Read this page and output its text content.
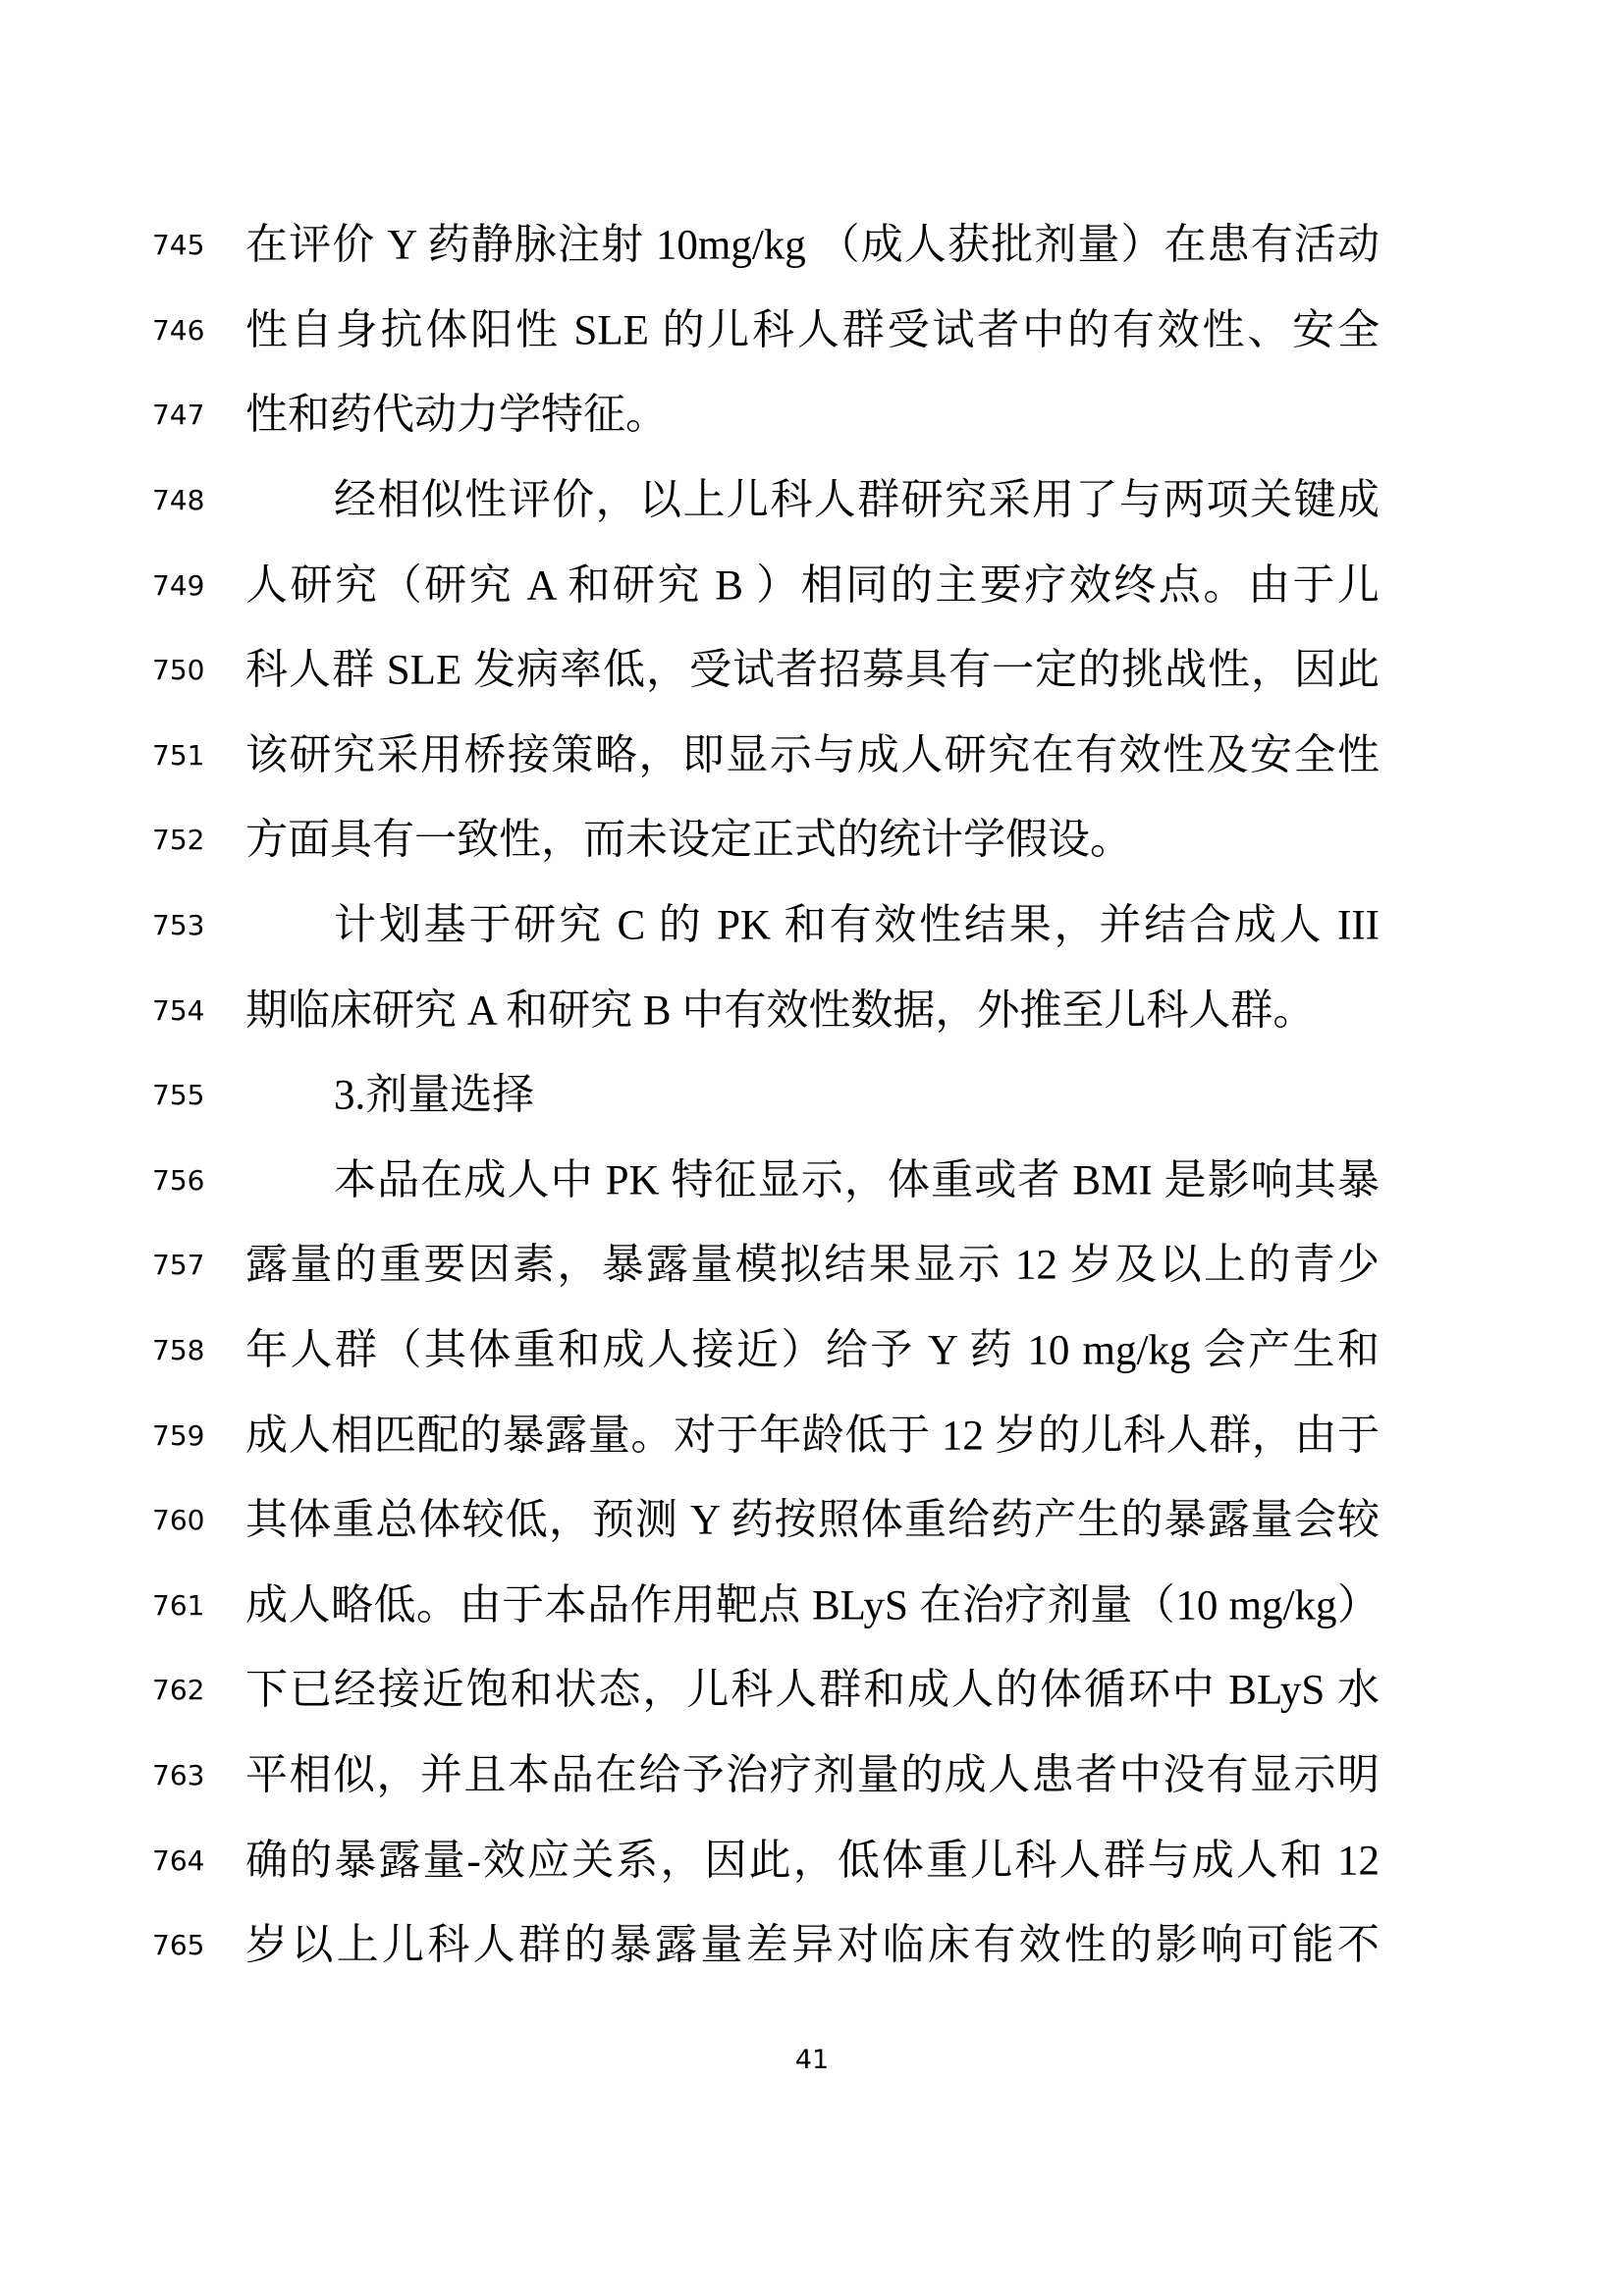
745 在评价 Y 药静脉注射 10mg/kg （成人获批剂量）在患有活动
746 性自身抗体阳性 SLE 的儿科人群受试者中的有效性、安全
747 性和药代动力学特征。
748	经相似性评价，以上儿科人群研究采用了与两项关键成
749 人研究（研究 A 和研究 B ）相同的主要疗效终点。由于儿
750 科人群 SLE 发病率低，受试者招募具有一定的挑战性，因此
751 该研究采用桥接策略，即显示与成人研究在有效性及安全性
752 方面具有一致性，而未设定正式的统计学假设。
753	计划基于研究 C 的 PK 和有效性结果，并结合成人 III
754 期临床研究 A 和研究 B 中有效性数据，外推至儿科人群。
755	3.剂量选择
756	本品在成人中 PK 特征显示，体重或者 BMI 是影响其暴
757 露量的重要因素，暴露量模拟结果显示 12 岁及以上的青少
758 年人群（其体重和成人接近）给予 Y 药 10 mg/kg 会产生和
759 成人相匹配的暴露量。对于年龄低于 12 岁的儿科人群，由于
760 其体重总体较低，预测 Y 药按照体重给药产生的暴露量会较
761 成人略低。由于本品作用靶点 BLyS 在治疗剂量（10 mg/kg）
762 下已经接近饱和状态，儿科人群和成人的体循环中 BLyS 水
763 平相似，并且本品在给予治疗剂量的成人患者中没有显示明
764 确的暴露量-效应关系，因此，低体重儿科人群与成人和 12
765 岁以上儿科人群的暴露量差异对临床有效性的影响可能不
41
